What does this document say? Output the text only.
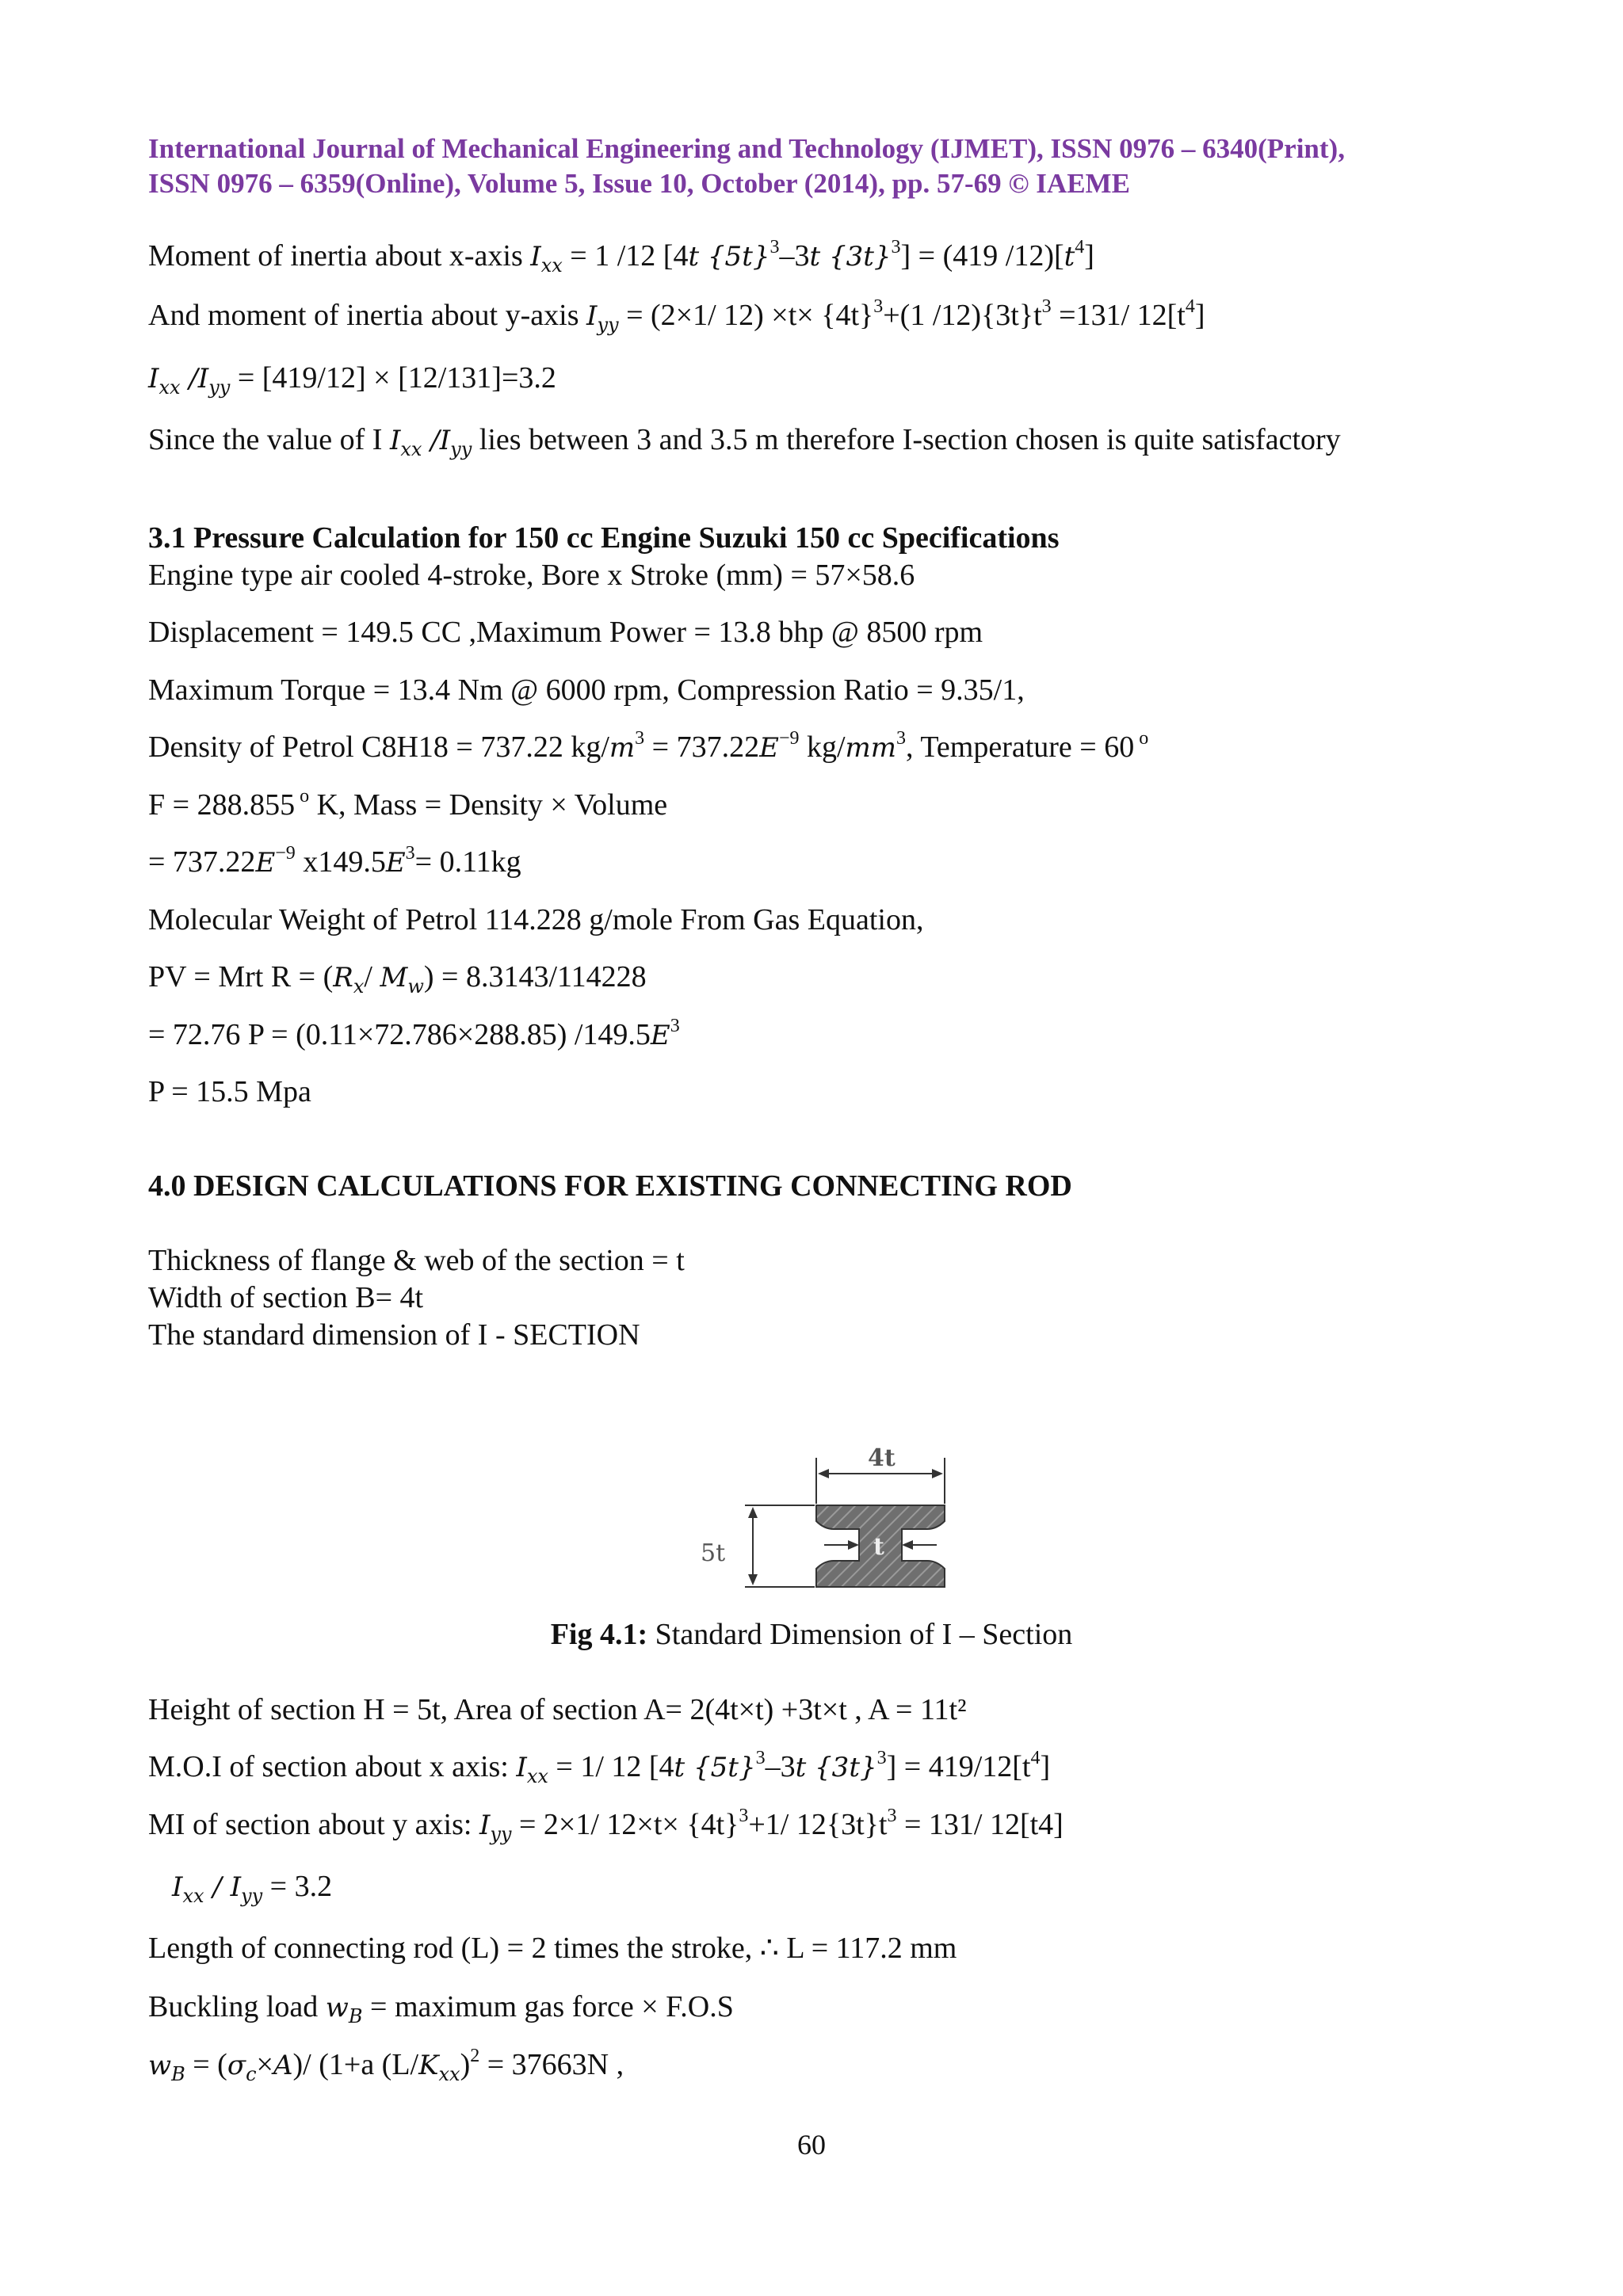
International Journal of Mechanical Engineering and Technology (IJMET), ISSN 0976 – 6340(Print),
ISSN 0976 – 6359(Online), Volume 5, Issue 10, October (2014), pp. 57-69 © IAEME
Moment of inertia about x-axis $I_{xx} = 1$ /12 [4t $\{5t\}^3-3t$ $\{3t\}^3] = (419$ $/12)[t^4]$
And moment of inertia about y-axis $I_{yy} = (2\times 1/$ $12) \times t\times \{4t\}^3+(1$ $/12)\{3t\}t^3 =131/$ $12[t^4]$
$I_{xx}$ $/I_{yy} = [419/12] \times [12/131]=3.2$
Since the value of I $I_{xx}$ $/I_{yy}$ lies between 3 and 3.5 m therefore I-section chosen is quite satisfactory
3.1 Pressure Calculation for 150 cc Engine Suzuki 150 cc Specifications
Engine type air cooled 4-stroke, Bore x Stroke (mm) = 57×58.6
Displacement = 149.5 CC ,Maximum Power = 13.8 bhp @ 8500 rpm
Maximum Torque = 13.4 Nm @ 6000 rpm, Compression Ratio = 9.35/1,
Density of Petrol C8H18 = 737.22 $kg/m^3 = 737.22E^{-9}$ $kg/mm^3$, Temperature = 60 $^o$
F = 288.855 $^o$ K, Mass = Density × Volume
= $737.22E^{-9}$ $x149.5E^3= 0.11kg$
Molecular Weight of Petrol 114.228 g/mole From Gas Equation,
PV = Mrt $R = (R_x/$ $M_w) = 8.3143/114228$
= 72.76 P = (0.11×72.786×288.85) $/149.5E^3$
P = 15.5 Mpa
4.0 DESIGN CALCULATIONS FOR EXISTING CONNECTING ROD
Thickness of flange & web of the section = t
Width of section B= 4t
The standard dimension of I - SECTION
4t
5t	t
Fig 4.1: Standard Dimension of I – Section
Height of section H = 5t, Area of section A= 2(4t×t) +3t×t , A = 11t²
M.O.I of section about x axis: $I_{xx} = 1/$ 12 [4t $\{5t\}^3-3t$ $\{3t\}^3] = 419/12[t^4]$
MI of section about y axis: $I_{yy} = 2\times 1/$ $12\times t\times \{4t\}^3+1/$ $12\{3t\}t^3 = 131/$ 12[t4]
$I_{xx} / I_{yy} = 3.2$
Length of connecting rod (L) = 2 times the stroke, ∴ L = 117.2 mm
Buckling load $w_B$ = maximum gas force × F.O.S
$w_B = (\sigma_c\times A)/$ (1+a $(L/K_{xx})^2 = 37663N$ ,
60
